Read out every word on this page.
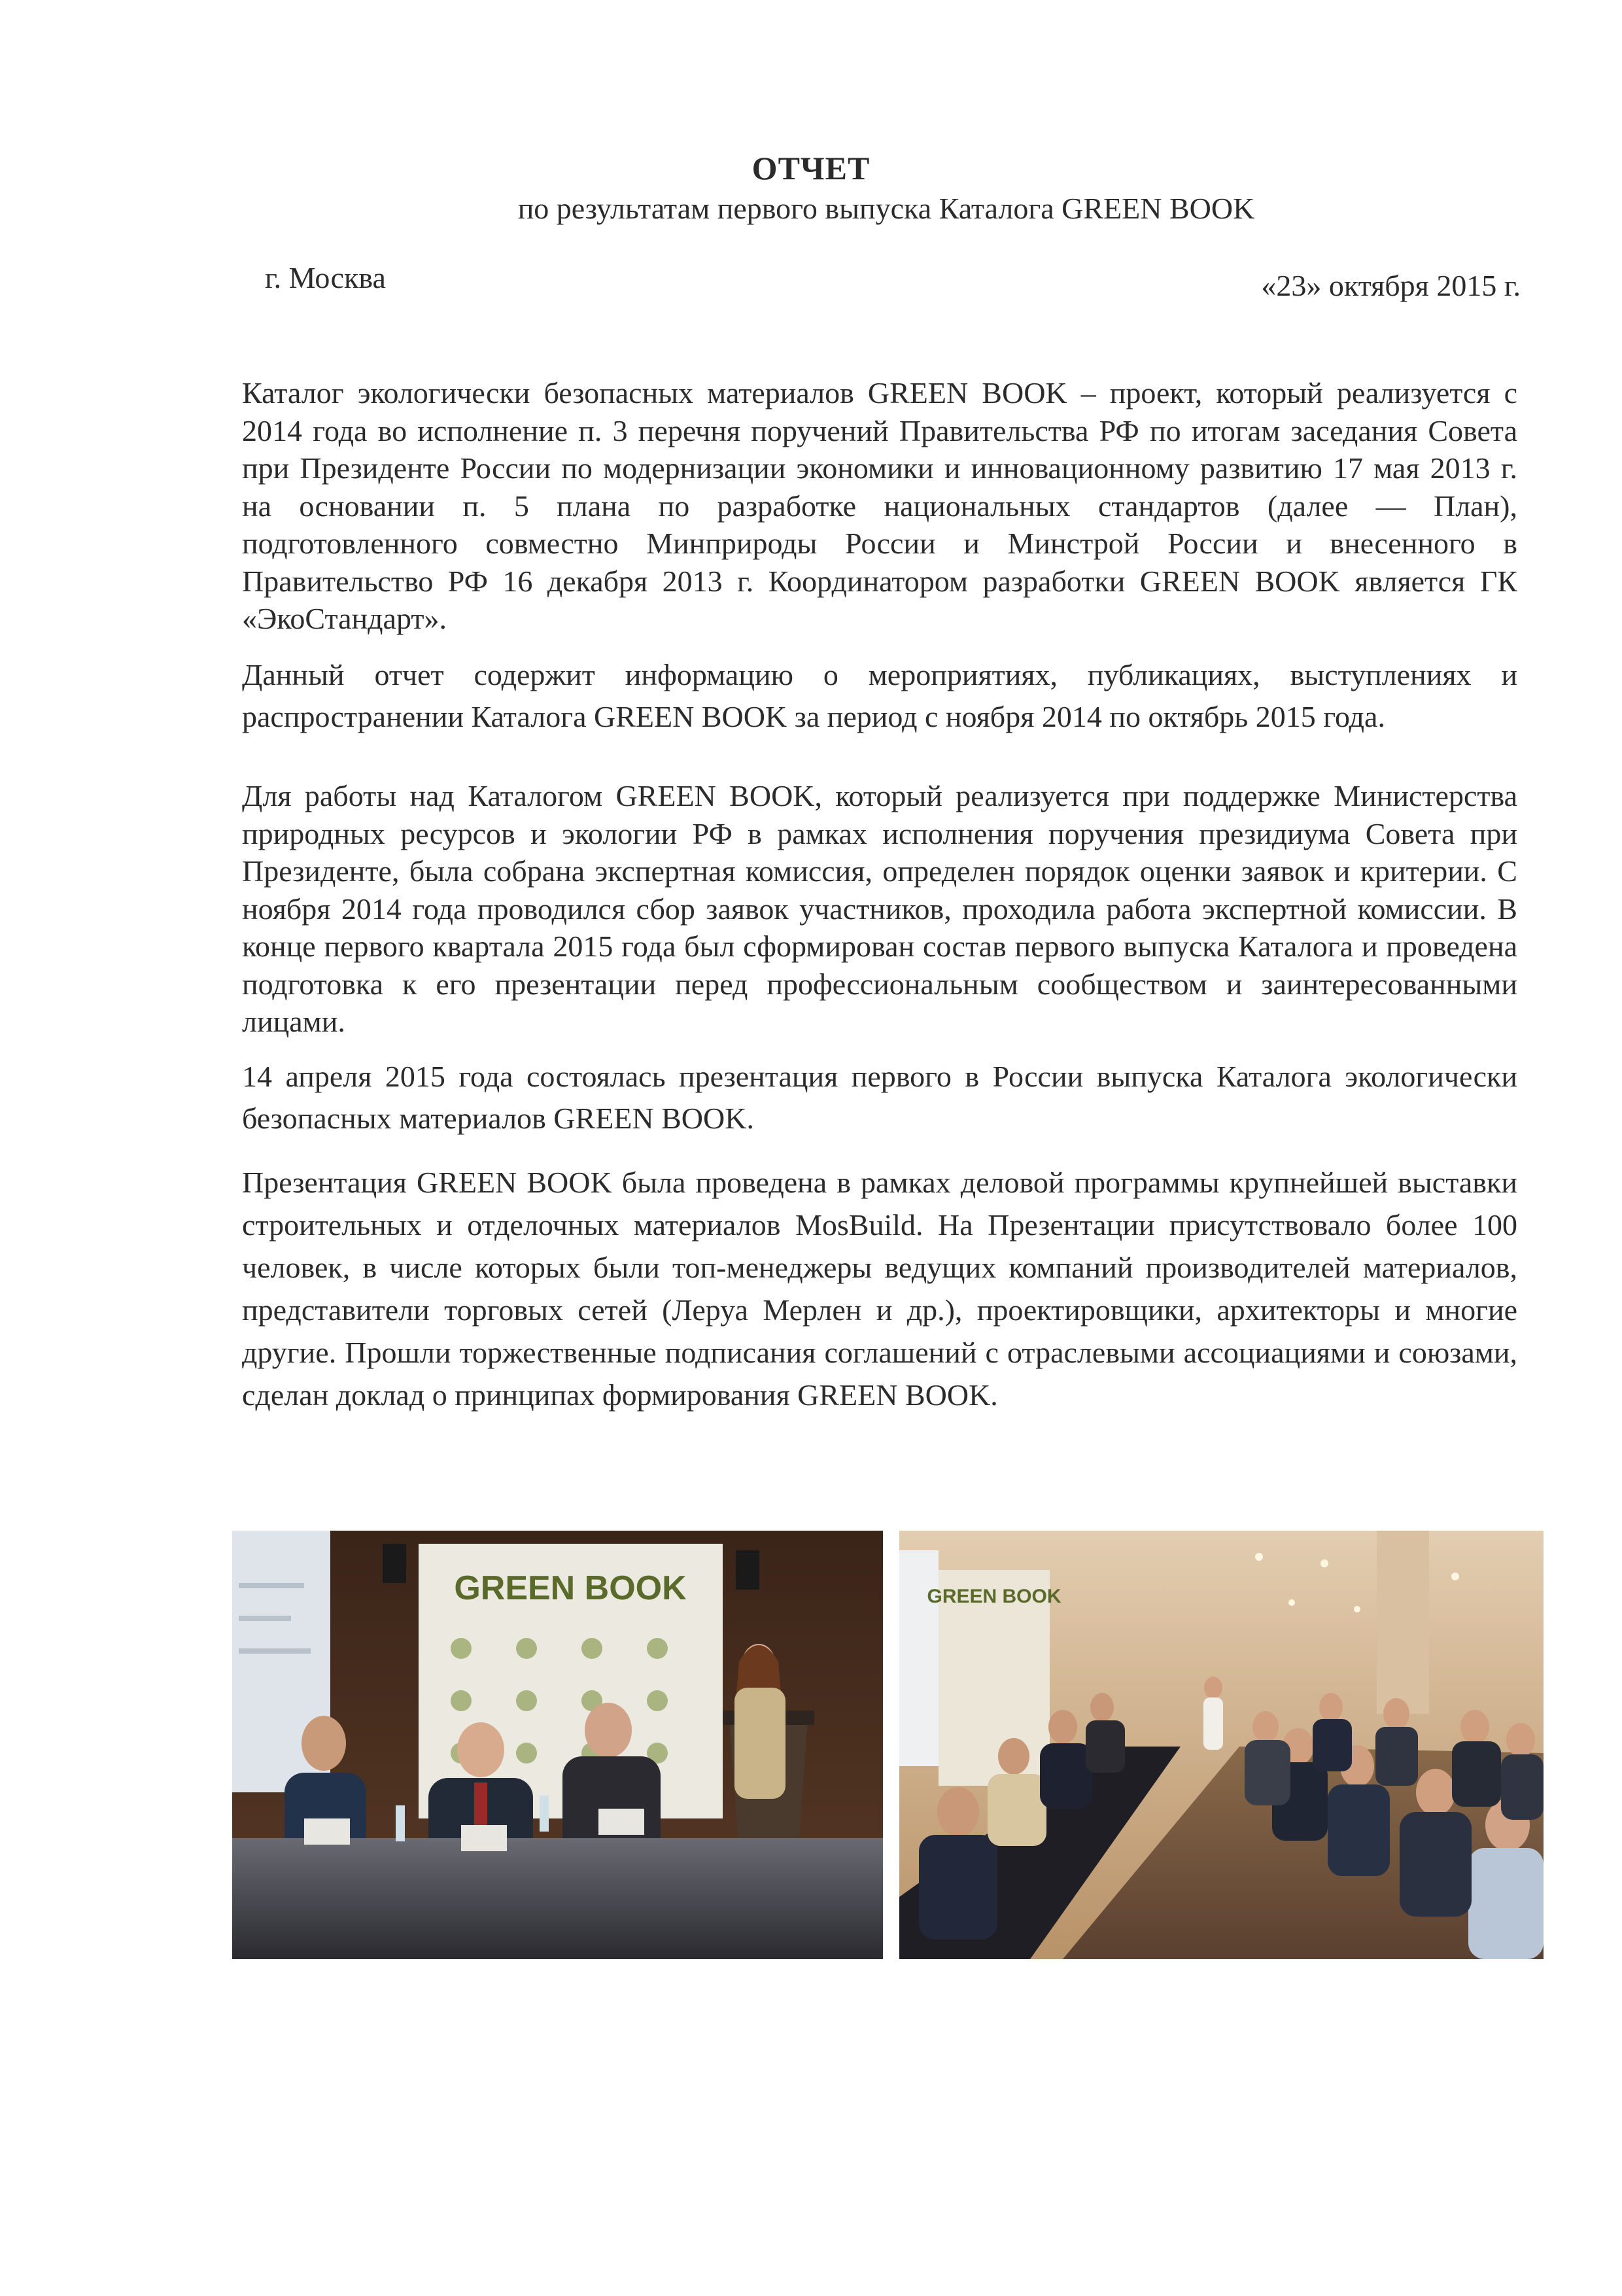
ОТЧЕТ
по результатам первого выпуска Каталога GREEN BOOK
г. Москва	«23» октября 2015 г.

Каталог экологически безопасных материалов GREEN BOOK – проект, который реализуется с 2014 года во исполнение п. 3 перечня поручений Правительства РФ по итогам заседания Совета при Президенте России по модернизации экономики и инновационному развитию 17 мая 2013 г. на основании п. 5 плана по разработке национальных стандартов (далее — План), подготовленного совместно Минприроды России и Минстрой России и внесенного в Правительство РФ 16 декабря 2013 г. Координатором разработки GREEN BOOK является ГК «ЭкоСтандарт».

Данный отчет содержит информацию о мероприятиях, публикациях, выступлениях и распространении Каталога GREEN BOOK за период с ноября 2014 по октябрь 2015 года.

Для работы над Каталогом GREEN BOOK, который реализуется при поддержке Министерства природных ресурсов и экологии РФ в рамках исполнения поручения президиума Совета при Президенте, была собрана экспертная комиссия, определен порядок оценки заявок и критерии. С ноября 2014 года проводился сбор заявок участников, проходила работа экспертной комиссии. В конце первого квартала 2015 года был сформирован состав первого выпуска Каталога и проведена подготовка к его презентации перед профессиональным сообществом и заинтересованными лицами.

14 апреля 2015 года состоялась презентация первого в России выпуска Каталога экологически безопасных материалов GREEN BOOK.

Презентация GREEN BOOK была проведена в рамках деловой программы крупнейшей выставки строительных и отделочных материалов MosBuild. На Презентации присутствовало более 100 человек, в числе которых были топ-менеджеры ведущих компаний производителей материалов, представители торговых сетей (Леруа Мерлен и др.), проектировщики, архитекторы и многие другие. Прошли торжественные подписания соглашений с отраслевыми ассоциациями и союзами, сделан доклад о принципах формирования GREEN BOOK.

GREEN BOOK	GREEN BOOK
